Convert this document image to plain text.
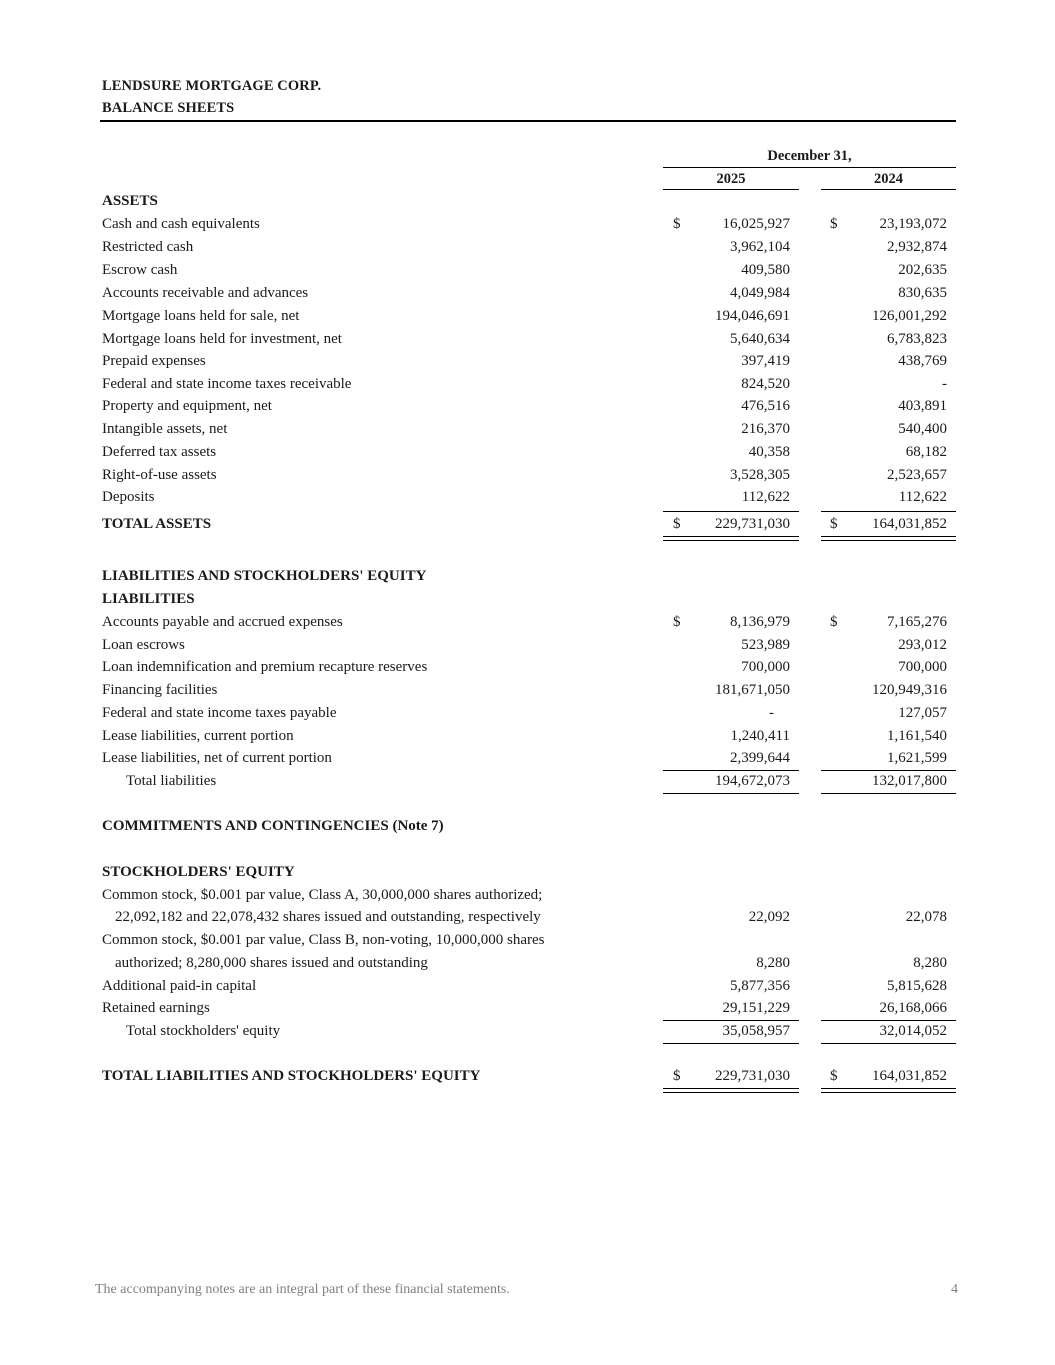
LENDSURE MORTGAGE CORP.
BALANCE SHEETS
December 31,
2025	2024
ASSETS
Cash and cash equivalents	$	16,025,927	$	23,193,072
Restricted cash	3,962,104	2,932,874
Escrow cash	409,580	202,635
Accounts receivable and advances	4,049,984	830,635
Mortgage loans held for sale, net	194,046,691	126,001,292
Mortgage loans held for investment, net	5,640,634	6,783,823
Prepaid expenses	397,419	438,769
Federal and state income taxes receivable	824,520	-
Property and equipment, net	476,516	403,891
Intangible assets, net	216,370	540,400
Deferred tax assets	40,358	68,182
Right-of-use assets	3,528,305	2,523,657
Deposits	112,622	112,622
TOTAL ASSETS	$	229,731,030	$	164,031,852
LIABILITIES AND STOCKHOLDERS' EQUITY
LIABILITIES
Accounts payable and accrued expenses	$	8,136,979	$	7,165,276
Loan escrows	523,989	293,012
Loan indemnification and premium recapture reserves	700,000	700,000
Financing facilities	181,671,050	120,949,316
Federal and state income taxes payable	-	127,057
Lease liabilities, current portion	1,240,411	1,161,540
Lease liabilities, net of current portion	2,399,644	1,621,599
Total liabilities	194,672,073	132,017,800
COMMITMENTS AND CONTINGENCIES (Note 7)
STOCKHOLDERS' EQUITY
Common stock, $0.001 par value, Class A, 30,000,000 shares authorized;
22,092,182 and 22,078,432 shares issued and outstanding, respectively	22,092	22,078
Common stock, $0.001 par value, Class B, non-voting, 10,000,000 shares
authorized; 8,280,000 shares issued and outstanding	8,280	8,280
Additional paid-in capital	5,877,356	5,815,628
Retained earnings	29,151,229	26,168,066
Total stockholders' equity	35,058,957	32,014,052
TOTAL LIABILITIES AND STOCKHOLDERS' EQUITY	$	229,731,030	$	164,031,852
The accompanying notes are an integral part of these financial statements.	4
